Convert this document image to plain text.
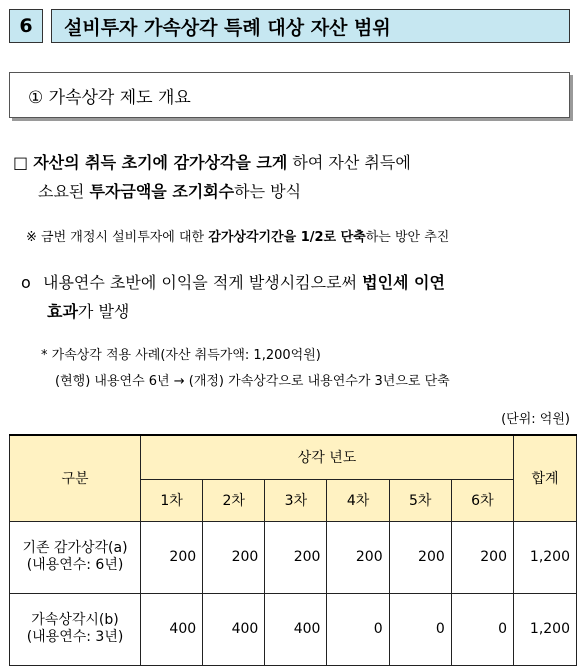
6	설비투자 가속상각 특례 대상 자산 범위
① 가속상각 제도 개요
□ 자산의 취득 초기에 감가상각을 크게 하여 자산 취득에
소요된 투자금액을 조기회수하는 방식
※ 금번 개정시 설비투자에 대한 감가상각기간을 1/2로 단축하는 방안 추진
o 내용연수 초반에 이익을 적게 발생시킴으로써 법인세 이연
효과가 발생
* 가속상각 적용 사례(자산 취득가액: 1,200억원)
(현행) 내용연수 6년 → (개정) 가속상각으로 내용연수가 3년으로 단축
(단위: 억원)
구분	상각 년도						합계
	1차	2차	3차	4차	5차	6차	

기존 감가상각(a)
(내용연수: 6년)	200	200	200	200	200	200	1,200

가속상각시(b)
(내용연수: 3년)	400	400	400	0	0	0	1,200
